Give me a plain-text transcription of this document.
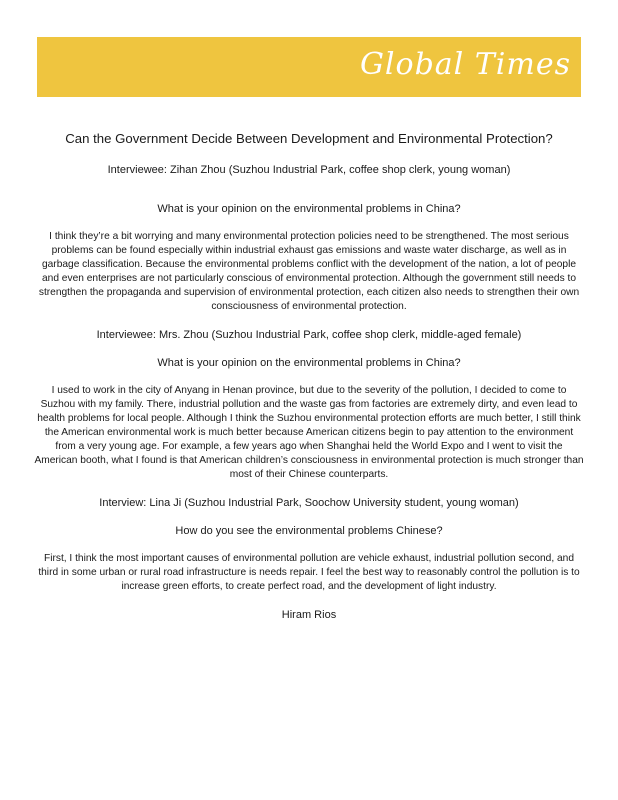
Global Times
Can the Government Decide Between Development and Environmental Protection?
Interviewee: Zihan Zhou (Suzhou Industrial Park, coffee shop clerk, young woman)
What is your opinion on the environmental problems in China?
I think they’re a bit worrying and many environmental protection policies need to be strengthened. The most serious problems can be found especially within industrial exhaust gas emissions and waste water discharge, as well as in garbage classification. Because the environmental problems conflict with the development of the nation, a lot of people and even enterprises are not particularly conscious of environmental protection. Although the government still needs to strengthen the propaganda and supervision of environmental protection, each citizen also needs to strengthen their own consciousness of environmental protection.
Interviewee: Mrs. Zhou (Suzhou Industrial Park, coffee shop clerk, middle-aged female)
What is your opinion on the environmental problems in China?
I used to work in the city of Anyang in Henan province, but due to the severity of the pollution, I decided to come to Suzhou with my family. There, industrial pollution and the waste gas from factories are extremely dirty, and even lead to health problems for local people. Although I think the Suzhou environmental protection efforts are much better, I still think the American environmental work is much better because American citizens begin to pay attention to the environment from a very young age. For example, a few years ago when Shanghai held the World Expo and I went to visit the American booth, what I found is that American children’s consciousness in environmental protection is much stronger than most of their Chinese counterparts.
Interview: Lina Ji (Suzhou Industrial Park, Soochow University student, young woman)
How do you see the environmental problems Chinese?
First, I think the most important causes of environmental pollution are vehicle exhaust, industrial pollution second, and third in some urban or rural road infrastructure is needs repair. I feel the best way to reasonably control the pollution is to increase green efforts, to create perfect road, and the development of light industry.
Hiram Rios
